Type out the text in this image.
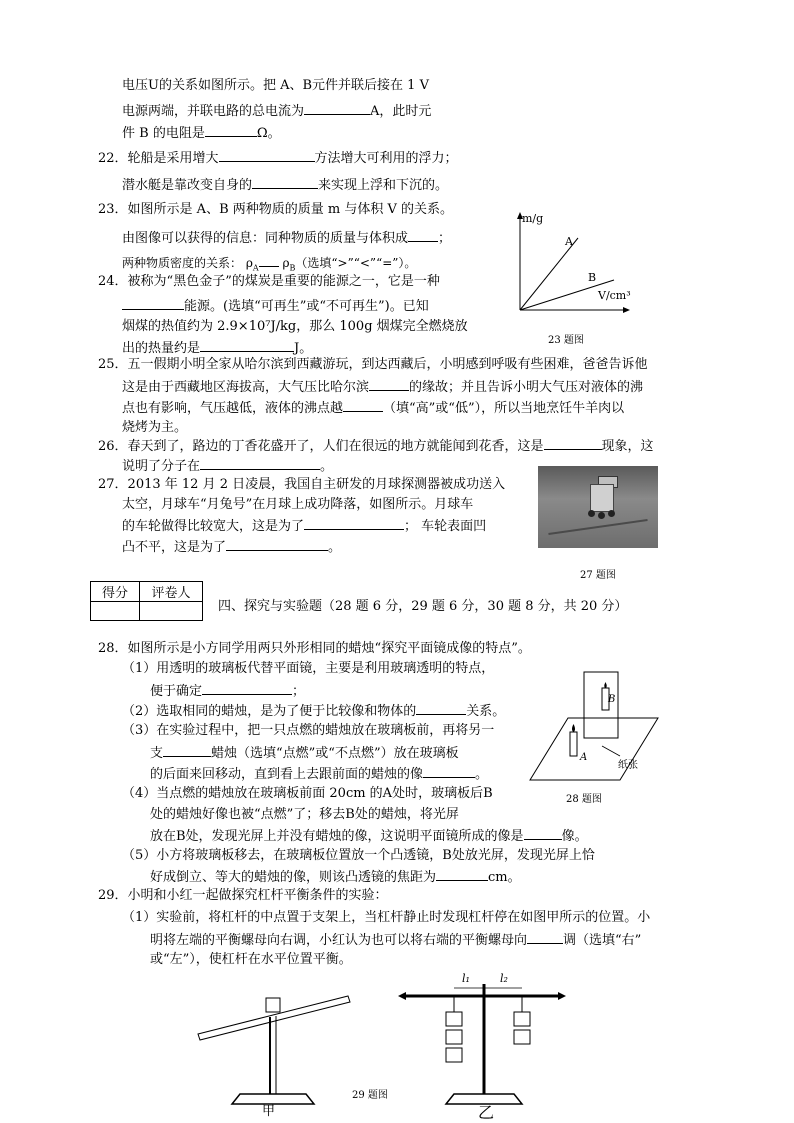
电压U的关系如图所示。把 A、B元件并联后接在 1 V
电源两端，并联电路的总电流为	A，此时元
件 B 的电阻是	Ω。
22．轮船是采用增大	方法增大可利用的浮力；
潜水艇是靠改变自身的	来实现上浮和下沉的。
23．如图所示是 A、B 两种物质的质量 m 与体积 V 的关系。
由图像可以获得的信息：同种物质的质量与体积成 ；
两种物质密度的关系： $\rho_A$ $\rho_B$（选填“>”“<”“=”）。
m/g
A
B
V/cm³
23 题图
24．被称为“黑色金子”的煤炭是重要的能源之一，它是一种
能源。(选填“可再生”或“不可再生”)。已知
烟煤的热值约为 2.9×10⁷J/kg，那么 100g 烟煤完全燃烧放
出的热量约是	J。
25．五一假期小明全家从哈尔滨到西藏游玩，到达西藏后，小明感到呼吸有些困难，爸爸告诉他
这是由于西藏地区海拔高，大气压比哈尔滨	的缘故；并且告诉小明大气压对液体的沸
点也有影响，气压越低，液体的沸点越	（填“高”或“低”），所以当地烹饪牛羊肉以
烧烤为主。
26．春天到了，路边的丁香花盛开了，人们在很远的地方就能闻到花香，这是	现象，这
说明了分子在	。
27．2013 年 12 月 2 日凌晨，我国自主研发的月球探测器被成功送入
太空，月球车“月兔号”在月球上成功降落，如图所示。月球车
的车轮做得比较宽大，这是为了	； 车轮表面凹
凸不平，这是为了	。
27 题图
得分	评卷人

四、探究与实验题（28 题 6 分，29 题 6 分，30 题 8 分，共 20 分）
28．如图所示是小方同学用两只外形相同的蜡烛“探究平面镜成像的特点”。
（1）用透明的玻璃板代替平面镜，主要是利用玻璃透明的特点，
便于确定	；
（2）选取相同的蜡烛，是为了便于比较像和物体的	关系。
（3）在实验过程中，把一只点燃的蜡烛放在玻璃板前，再将另一
支	蜡烛（选填“点燃”或“不点燃”）放在玻璃板
的后面来回移动，直到看上去跟前面的蜡烛的像	。
（4）当点燃的蜡烛放在玻璃板前面 20cm 的A处时，玻璃板后B
处的蜡烛好像也被“点燃”了；移去B处的蜡烛，将光屏
放在B处，发现光屏上并没有蜡烛的像，这说明平面镜所成的像是	像。
（5）小方将玻璃板移去，在玻璃板位置放一个凸透镜，B处放光屏，发现光屏上恰
好成倒立、等大的蜡烛的像，则该凸透镜的焦距为	cm。
B
A
纸张
28 题图
29．小明和小红一起做探究杠杆平衡条件的实验：
（1）实验前，将杠杆的中点置于支架上，当杠杆静止时发现杠杆停在如图甲所示的位置。小
明将左端的平衡螺母向右调，小红认为也可以将右端的平衡螺母向	调（选填“右”
或“左”），使杠杆在水平位置平衡。
甲
l₁	l₂
29 题图
乙
